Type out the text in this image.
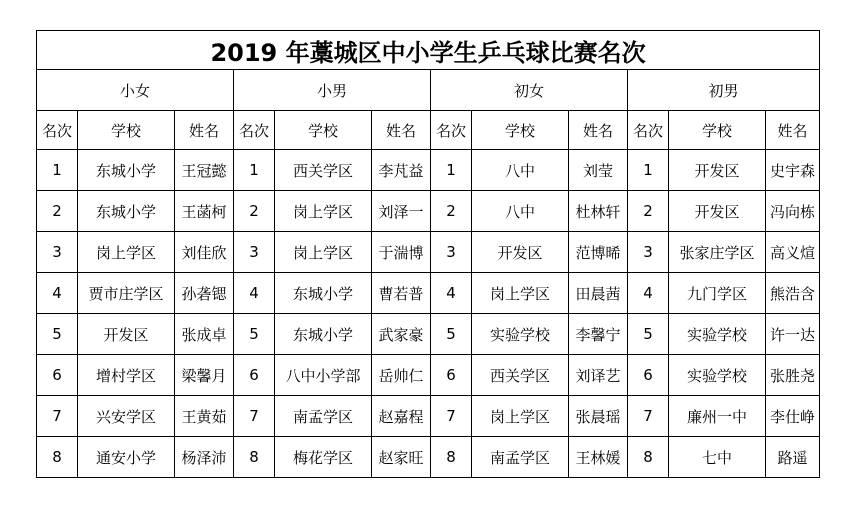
2019 年藁城区中小学生乒乓球比赛名次											
小女			小男			初女			初男		
名次	学校	姓名	名次	学校	姓名	名次	学校	姓名	名次	学校	姓名
1	东城小学	王冠懿	1	西关学区	李芃益	1	八中	刘莹	1	开发区	史宇森
2	东城小学	王菡柯	2	岗上学区	刘泽一	2	八中	杜林轩	2	开发区	冯向栋
3	岗上学区	刘佳欣	3	岗上学区	于湍博	3	开发区	范博晞	3	张家庄学区	高义煊
4	贾市庄学区	孙砻锶	4	东城小学	曹若普	4	岗上学区	田晨茜	4	九门学区	熊浩含
5	开发区	张成卓	5	东城小学	武家豪	5	实验学校	李馨宁	5	实验学校	许一达
6	增村学区	梁馨月	6	八中小学部	岳帅仁	6	西关学区	刘译艺	6	实验学校	张胜尧
7	兴安学区	王黄茹	7	南孟学区	赵嘉程	7	岗上学区	张晨瑶	7	廉州一中	李仕峥
8	通安小学	杨泽沛	8	梅花学区	赵家旺	8	南孟学区	王林媛	8	七中	路遥
